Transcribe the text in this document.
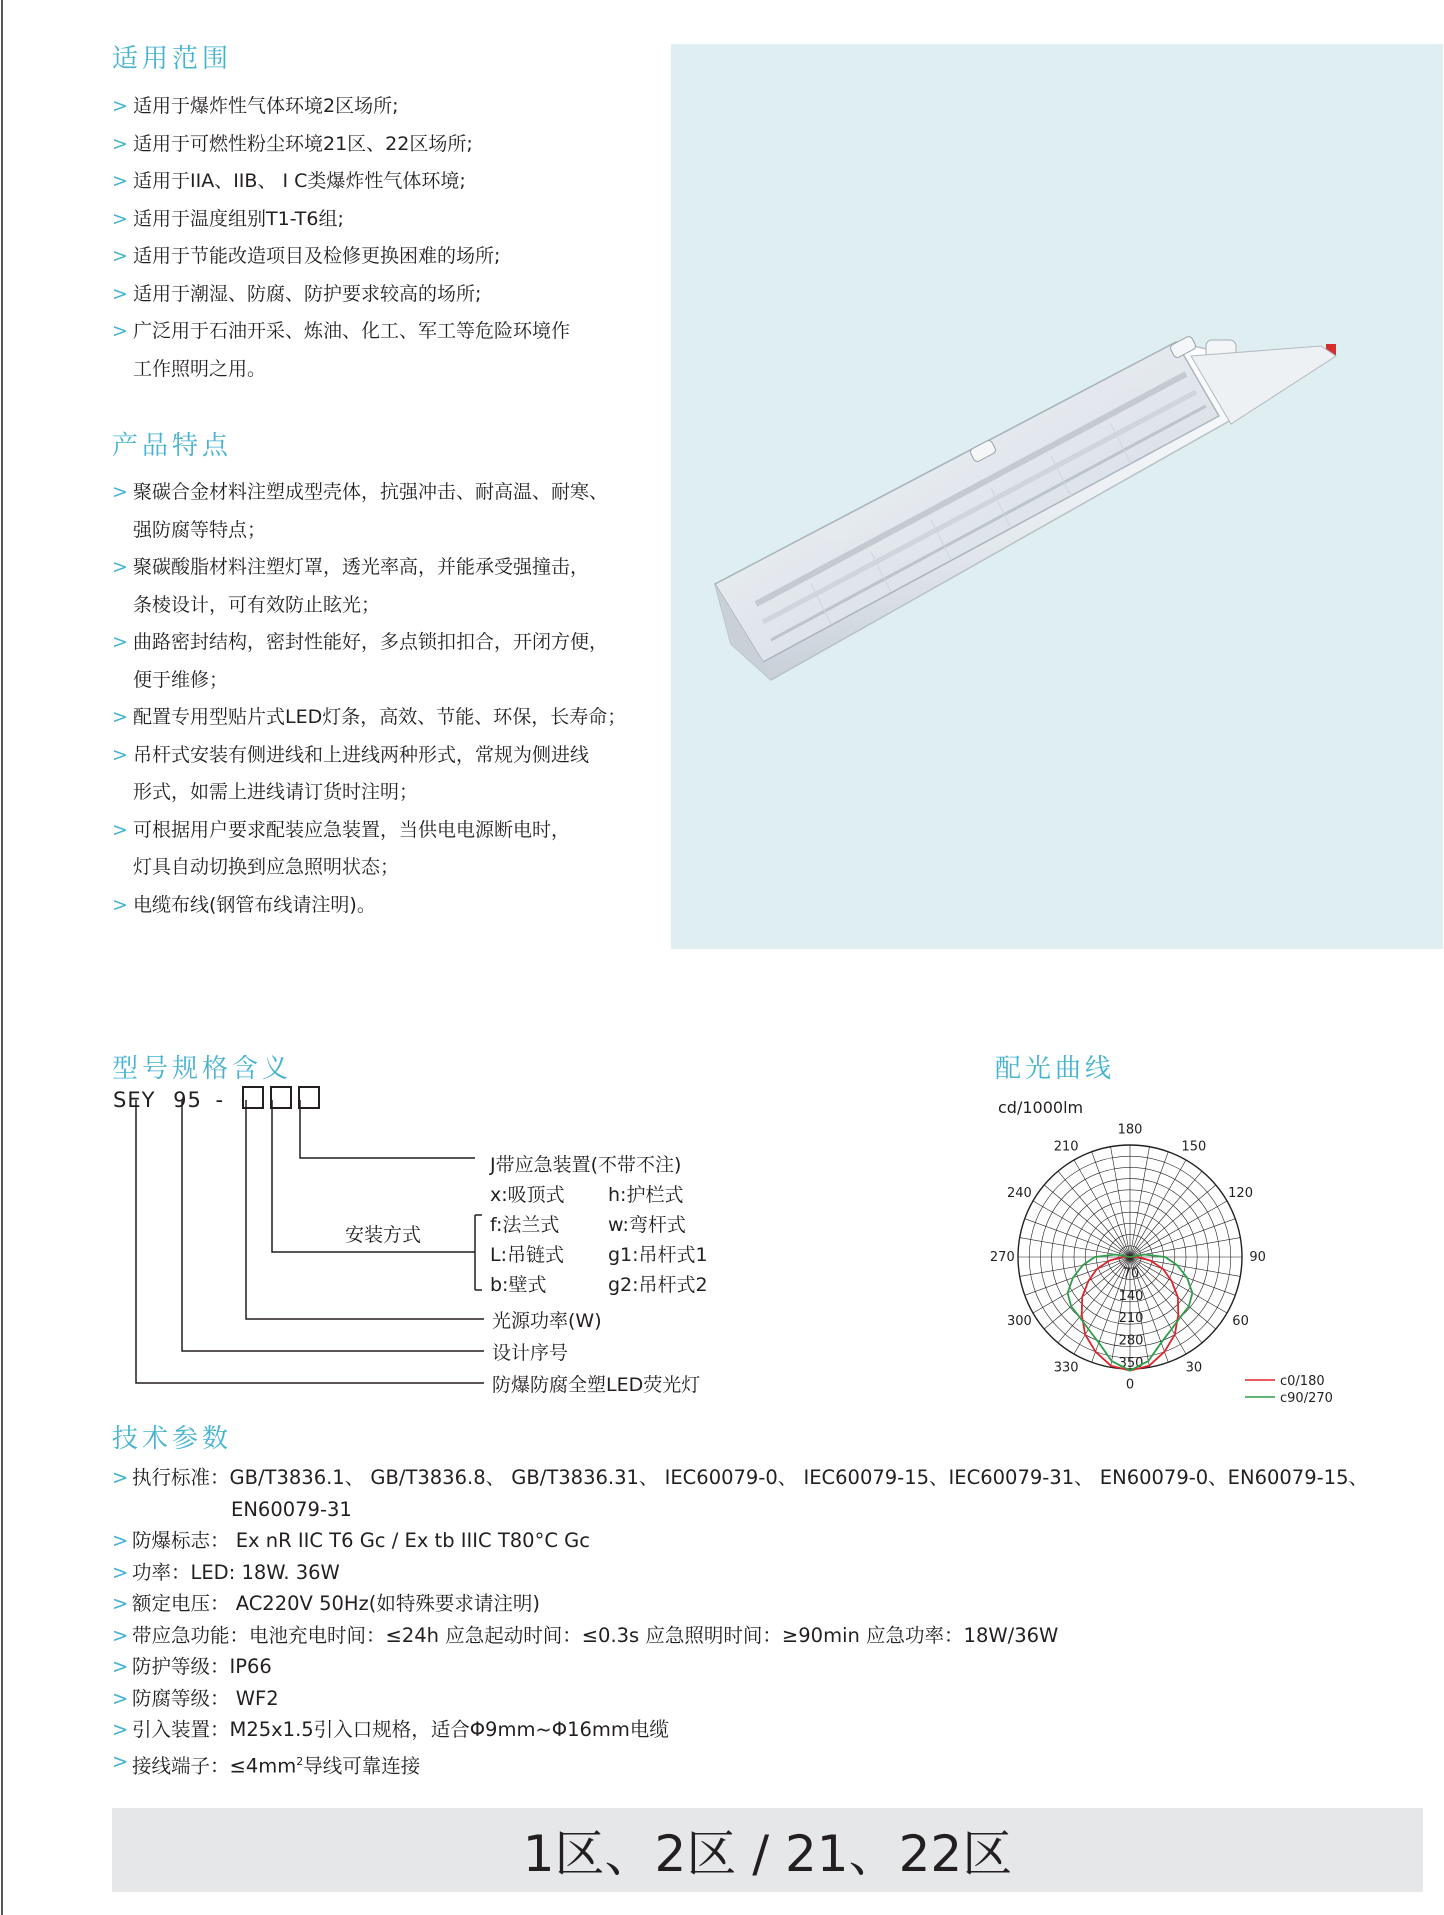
适用范围
> 适用于爆炸性气体环境2区场所;
> 适用于可燃性粉尘环境21区、22区场所;
> 适用于IIA、IIB、 I C类爆炸性气体环境;
> 适用于温度组别T1-T6组;
> 适用于节能改造项目及检修更换困难的场所;
> 适用于潮湿、防腐、防护要求较高的场所;
> 广泛用于石油开采、炼油、化工、军工等危险环境作
工作照明之用。
产品特点
> 聚碳合金材料注塑成型壳体，抗强冲击、耐高温、耐寒、
强防腐等特点；
> 聚碳酸脂材料注塑灯罩，透光率高，并能承受强撞击，
条棱设计，可有效防止眩光；
> 曲路密封结构，密封性能好，多点锁扣扣合，开闭方便，
便于维修；
> 配置专用型贴片式LED灯条，高效、节能、环保，长寿命；
> 吊杆式安装有侧进线和上进线两种形式，常规为侧进线
形式，如需上进线请订货时注明；
> 可根据用户要求配装应急装置，当供电电源断电时，
灯具自动切换到应急照明状态；
> 电缆布线(钢管布线请注明)。
型号规格含义
SEY 95 -
J带应急装置(不带不注)
安装方式
x:吸顶式 h:护栏式
f:法兰式	w:弯杆式
L:吊链式 g1:吊杆式1
b:壁式	g2:吊杆式2
光源功率(W)
设计序号
防爆防腐全塑LED荧光灯
配光曲线
cd/1000lm
180
150
120
90
60
30
0
330
300
270
240
210
70
140
210
280
350
c0/180
c90/270
技术参数
> 执行标准：GB/T3836.1、 GB/T3836.8、 GB/T3836.31、 IEC60079-0、 IEC60079-15、IEC60079-31、 EN60079-0、EN60079-15、
EN60079-31
> 防爆标志： Ex nR IIC T6 Gc / Ex tb IIIC T80°C Gc
> 功率：LED: 18W. 36W
> 额定电压： AC220V 50Hz(如特殊要求请注明)
> 带应急功能：电池充电时间：≤24h 应急起动时间：≤0.3s 应急照明时间：≥90min 应急功率：18W/36W
> 防护等级：IP66
> 防腐等级： WF2
> 引入装置：M25x1.5引入口规格，适合Φ9mm~Φ16mm电缆
> 接线端子：$\le 4mm^2$导线可靠连接
1区、2区 / 21、22区
